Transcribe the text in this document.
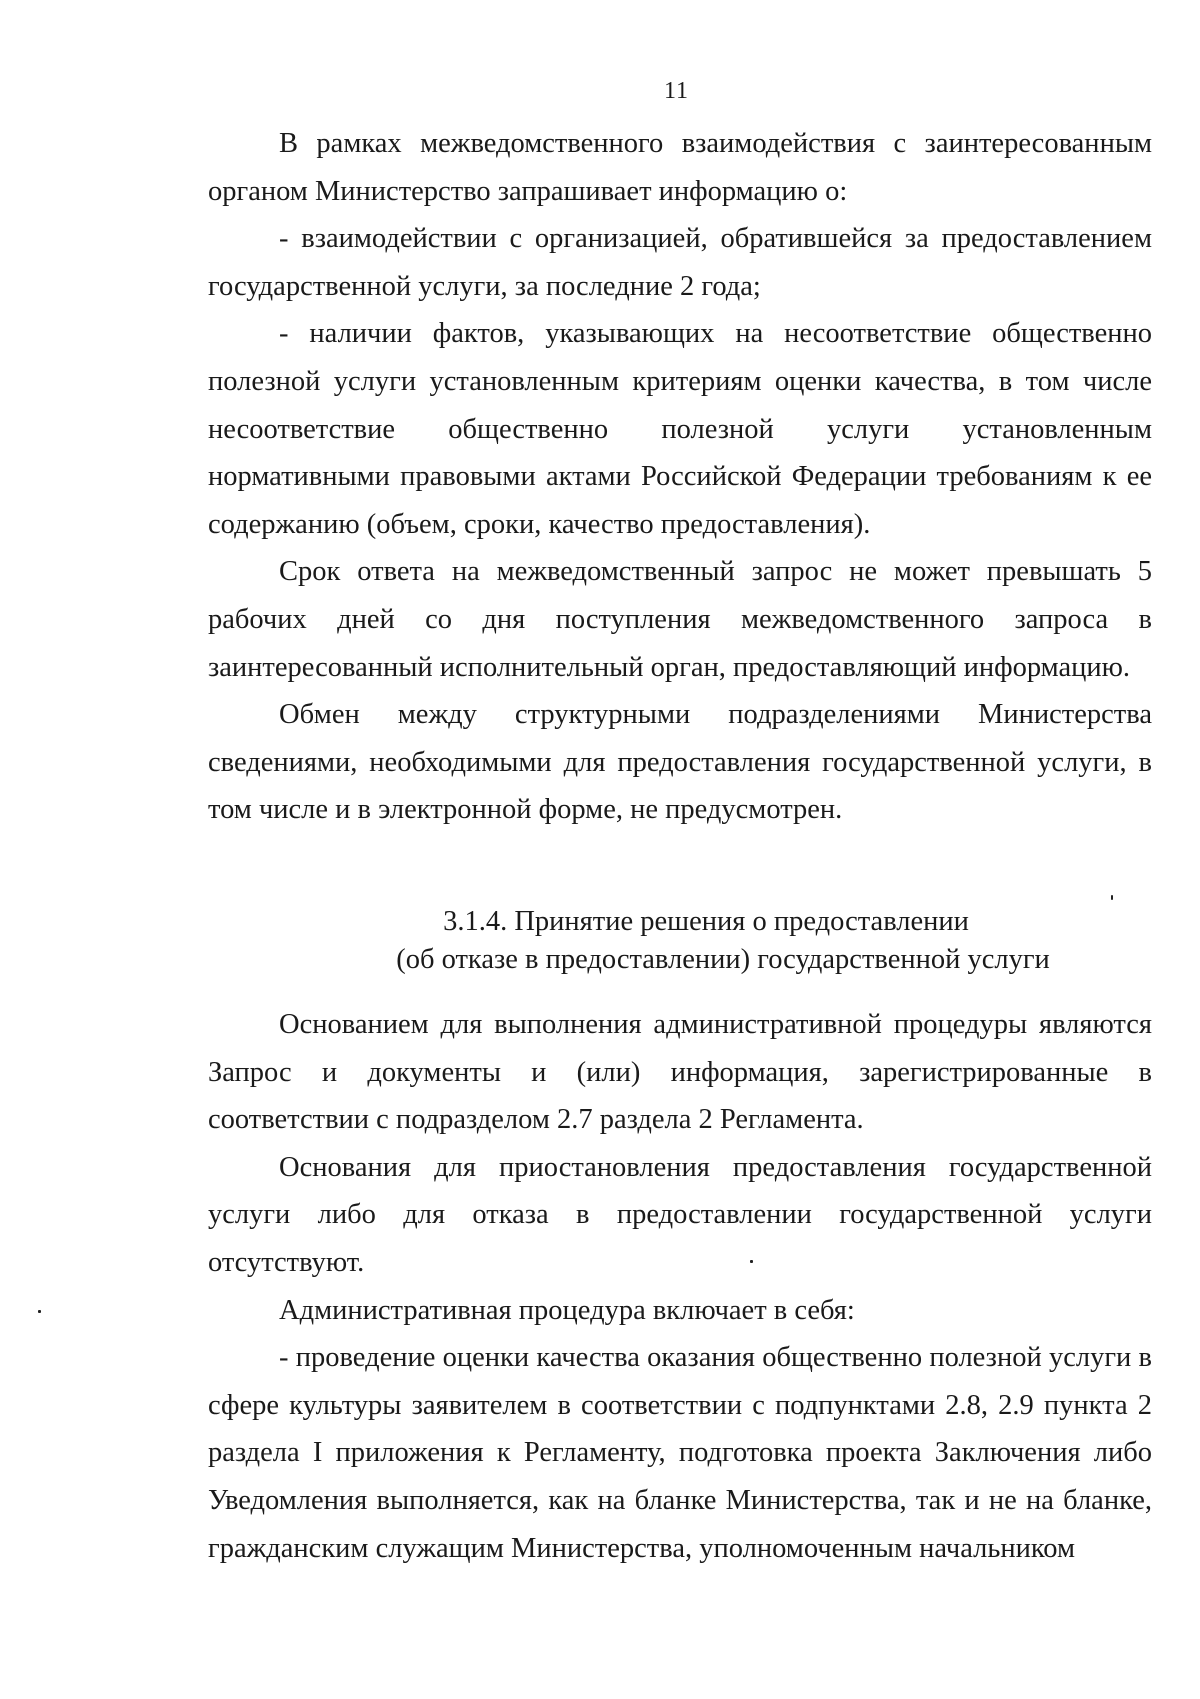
11

В рамках межведомственного взаимодействия с заинтересованным органом Министерство запрашивает информацию о:

- взаимодействии с организацией, обратившейся за предоставлением государственной услуги, за последние 2 года;

- наличии фактов, указывающих на несоответствие общественно полезной услуги установленным критериям оценки качества, в том числе несоответствие общественно полезной услуги установленным нормативными правовыми актами Российской Федерации требованиям к ее содержанию (объем, сроки, качество предоставления).

Срок ответа на межведомственный запрос не может превышать 5 рабочих дней со дня поступления межведомственного запроса в заинтересованный исполнительный орган, предоставляющий информацию.

Обмен между структурными подразделениями Министерства сведениями, необходимыми для предоставления государственной услуги, в том числе и в электронной форме, не предусмотрен.

3.1.4. Принятие решения о предоставлении
(об отказе в предоставлении) государственной услуги

Основанием для выполнения административной процедуры являются Запрос и документы и (или) информация, зарегистрированные в соответствии с подразделом 2.7 раздела 2 Регламента.

Основания для приостановления предоставления государственной услуги либо для отказа в предоставлении государственной услуги отсутствуют.

Административная процедура включает в себя:

- проведение оценки качества оказания общественно полезной услуги в сфере культуры заявителем в соответствии с подпунктами 2.8, 2.9 пункта 2 раздела I приложения к Регламенту, подготовка проекта Заключения либо Уведомления выполняется, как на бланке Министерства, так и не на бланке, гражданским служащим Министерства, уполномоченным начальником
